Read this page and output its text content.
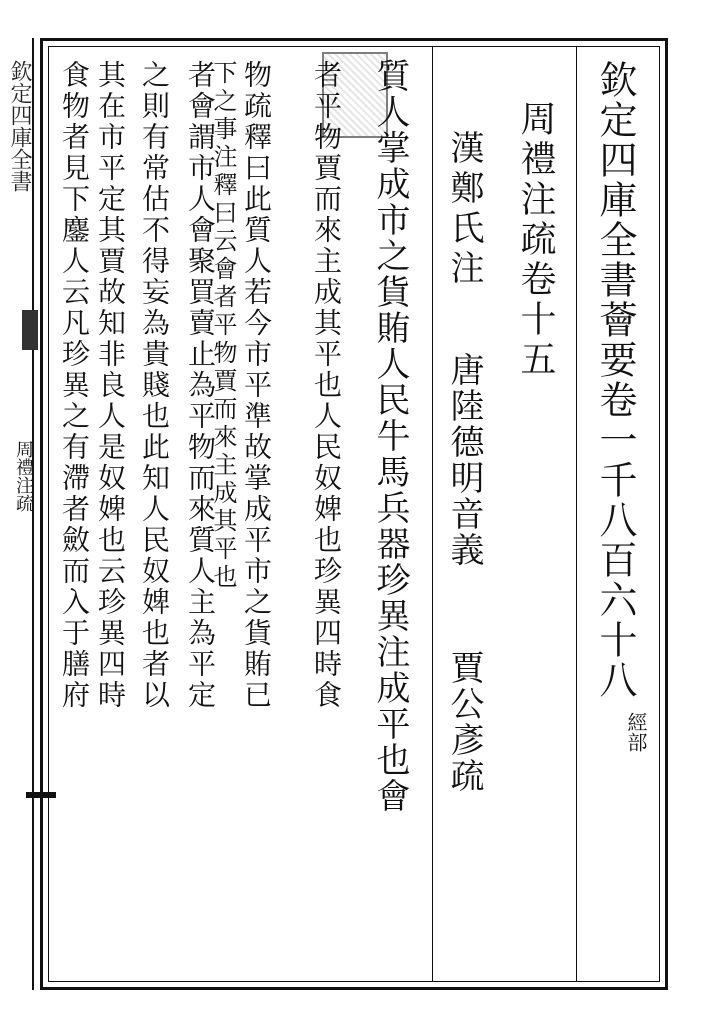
欽定四庫全書
周禮注疏	欽定四庫全書薈要卷一千八百六十八
經部
周禮注疏卷十五
漢鄭氏注
唐陸德明音義
賈公彥疏
質人掌成市之貨賄人民牛馬兵器珍異注成平也會
者平物賈而來主成其平也人民奴婢也珍異四時食
物疏釋曰此質人若今市平準故掌成平市之貨賄已
下之事注釋曰云會者平物賈而來主成其平也
者會謂市人會聚買賣止為平物而來質人主為平定
之則有常估不得妄為貴賤也此知人民奴婢也者以
其在市平定其賈故知非良人是奴婢也云珍異四時
食物者見下鏖人云凡珍異之有滯者斂而入于膳府
